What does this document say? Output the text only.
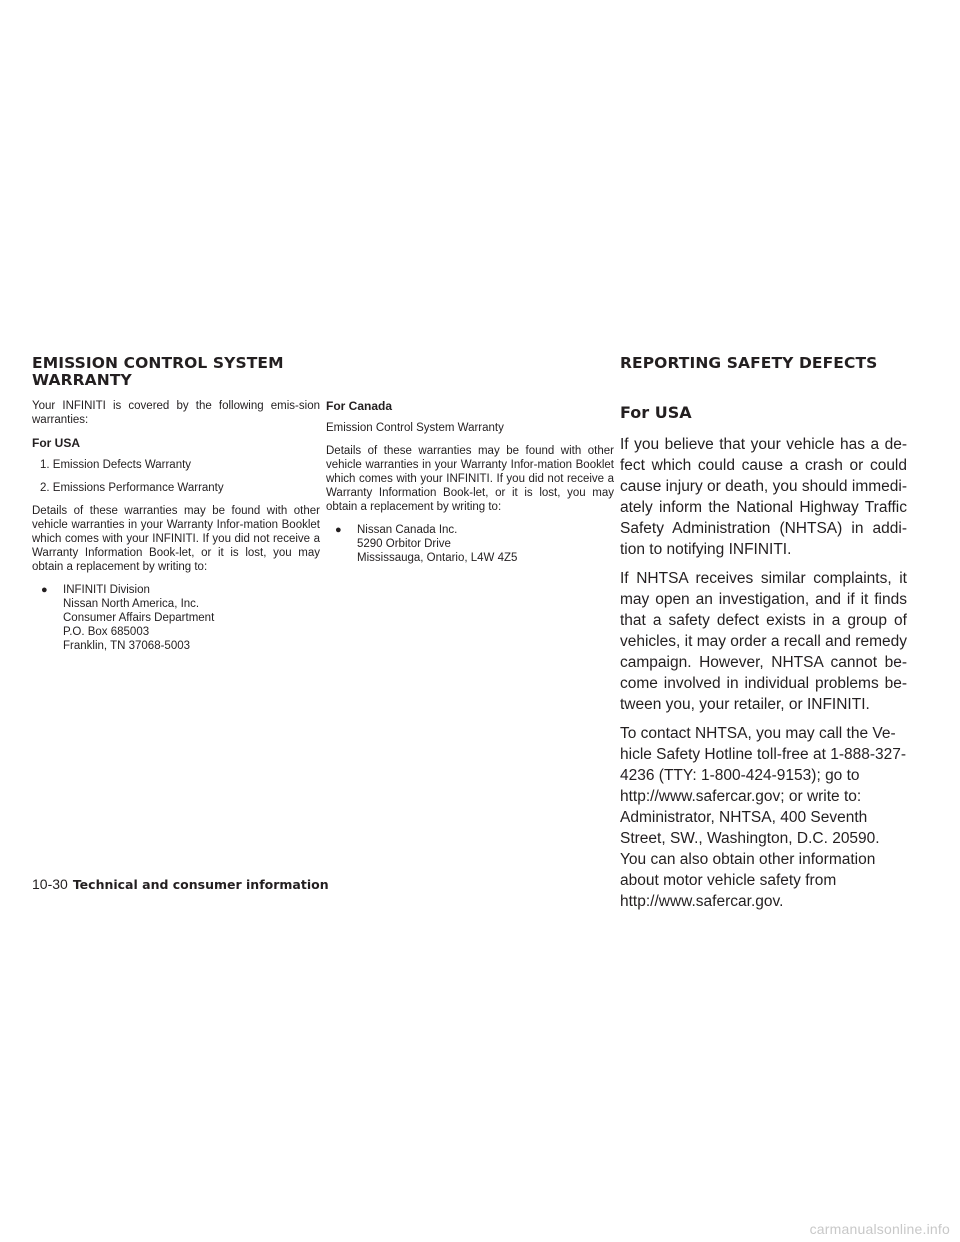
EMISSION CONTROL SYSTEM
WARRANTY
REPORTING SAFETY DEFECTS

Your INFINITI is covered by the following emis-sion warranties:

For USA
1. Emission Defects Warranty
2. Emissions Performance Warranty

Details of these warranties may be found with other vehicle warranties in your Warranty Infor-mation Booklet which comes with your INFINITI. If you did not receive a Warranty Information Book-let, or it is lost, you may obtain a replacement by writing to:

●	INFINITI Division
Nissan North America, Inc.
Consumer Affairs Department
P.O. Box 685003
Franklin, TN 37068-5003
For Canada

Emission Control System Warranty

Details of these warranties may be found with other vehicle warranties in your Warranty Infor-mation Booklet which comes with your INFINITI. If you did not receive a Warranty Information Book-let, or it is lost, you may obtain a replacement by writing to:

●	Nissan Canada Inc.
5290 Orbitor Drive
Mississauga, Ontario, L4W 4Z5
For USA

If you believe that your vehicle has a de-fect which could cause a crash or could cause injury or death, you should immedi-ately inform the National Highway Traffic Safety Administration (NHTSA) in addi-tion to notifying INFINITI.

If NHTSA receives similar complaints, it may open an investigation, and if it finds that a safety defect exists in a group of vehicles, it may order a recall and remedy campaign. However, NHTSA cannot be-come involved in individual problems be-tween you, your retailer, or INFINITI.

To contact NHTSA, you may call the Ve-hicle Safety Hotline toll-free at 1-888-327-4236 (TTY: 1-800-424-9153); go to http://www.safercar.gov; or write to: Administrator, NHTSA, 400 Seventh Street, SW., Washington, D.C. 20590. You can also obtain other information about motor vehicle safety from http://www.safercar.gov.

10-30 Technical and consumer information
carmanualsonline.info
